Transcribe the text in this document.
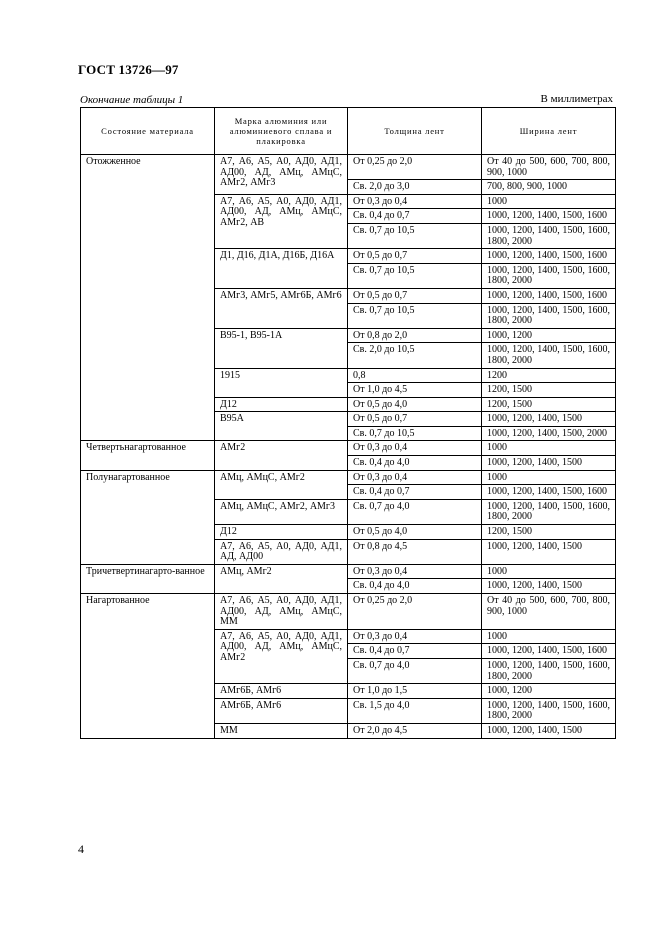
ГОСТ 13726—97
Окончание таблицы 1	В миллиметрах
Состояние материала	Марка алюминия или алюминиевого сплава и плакировка	Толщина лент	Ширина лент
Отожженное	А7, А6, А5, А0, АД0, АД1, АД00, АД, АМц, АМцС, АМг2, АМг3	От 0,25 до 2,0	От 40 до 500, 600, 700, 800, 900, 1000
		Св. 2,0 до 3,0	700, 800, 900, 1000
	А7, А6, А5, А0, АД0, АД1, АД00, АД, АМц, АМцС, АМг2, АВ	От 0,3 до 0,4	1000
		Св. 0,4 до 0,7	1000, 1200, 1400, 1500, 1600
		Св. 0,7 до 10,5	1000, 1200, 1400, 1500, 1600, 1800, 2000
	Д1, Д16, Д1А, Д16Б, Д16А	От 0,5 до 0,7	1000, 1200, 1400, 1500, 1600
		Св. 0,7 до 10,5	1000, 1200, 1400, 1500, 1600, 1800, 2000
	АМг3, АМг5, АМг6Б, АМг6	От 0,5 до 0,7	1000, 1200, 1400, 1500, 1600
		Св. 0,7 до 10,5	1000, 1200, 1400, 1500, 1600, 1800, 2000
	В95-1, В95-1А	От 0,8 до 2,0	1000, 1200
		Св. 2,0 до 10,5	1000, 1200, 1400, 1500, 1600, 1800, 2000
	1915	0,8	1200
		От 1,0 до 4,5	1200, 1500
	Д12	От 0,5 до 4,0	1200, 1500
	В95А	От 0,5 до 0,7	1000, 1200, 1400, 1500
		Св. 0,7 до 10,5	1000, 1200, 1400, 1500, 2000
Четвертьнагартованное	АМг2	От 0,3 до 0,4	1000
		Св. 0,4 до 4,0	1000, 1200, 1400, 1500
Полунагартованное	АМц, АМцС, АМг2	От 0,3 до 0,4	1000
		Св. 0,4 до 0,7	1000, 1200, 1400, 1500, 1600
	АМц, АМцС, АМг2, АМг3	Св. 0,7 до 4,0	1000, 1200, 1400, 1500, 1600, 1800, 2000
	Д12	От 0,5 до 4,0	1200, 1500
	А7, А6, А5, А0, АД0, АД1, АД, АД00	От 0,8 до 4,5	1000, 1200, 1400, 1500
Тричетвертинагарто-ванное	АМц, АМг2	От 0,3 до 0,4	1000
		Св. 0,4 до 4,0	1000, 1200, 1400, 1500
Нагартованное	А7, А6, А5, А0, АД0, АД1, АД00, АД, АМц, АМцС, ММ	От 0,25 до 2,0	От 40 до 500, 600, 700, 800, 900, 1000
	А7, А6, А5, А0, АД0, АД1, АД00, АД, АМц, АМцС, АМг2	От 0,3 до 0,4	1000
		Св. 0,4 до 0,7	1000, 1200, 1400, 1500, 1600
		Св. 0,7 до 4,0	1000, 1200, 1400, 1500, 1600, 1800, 2000
	АМг6Б, АМг6	От 1,0 до 1,5	1000, 1200
	АМг6Б, АМг6	Св. 1,5 до 4,0	1000, 1200, 1400, 1500, 1600, 1800, 2000
	ММ	От 2,0 до 4,5	1000, 1200, 1400, 1500
4
